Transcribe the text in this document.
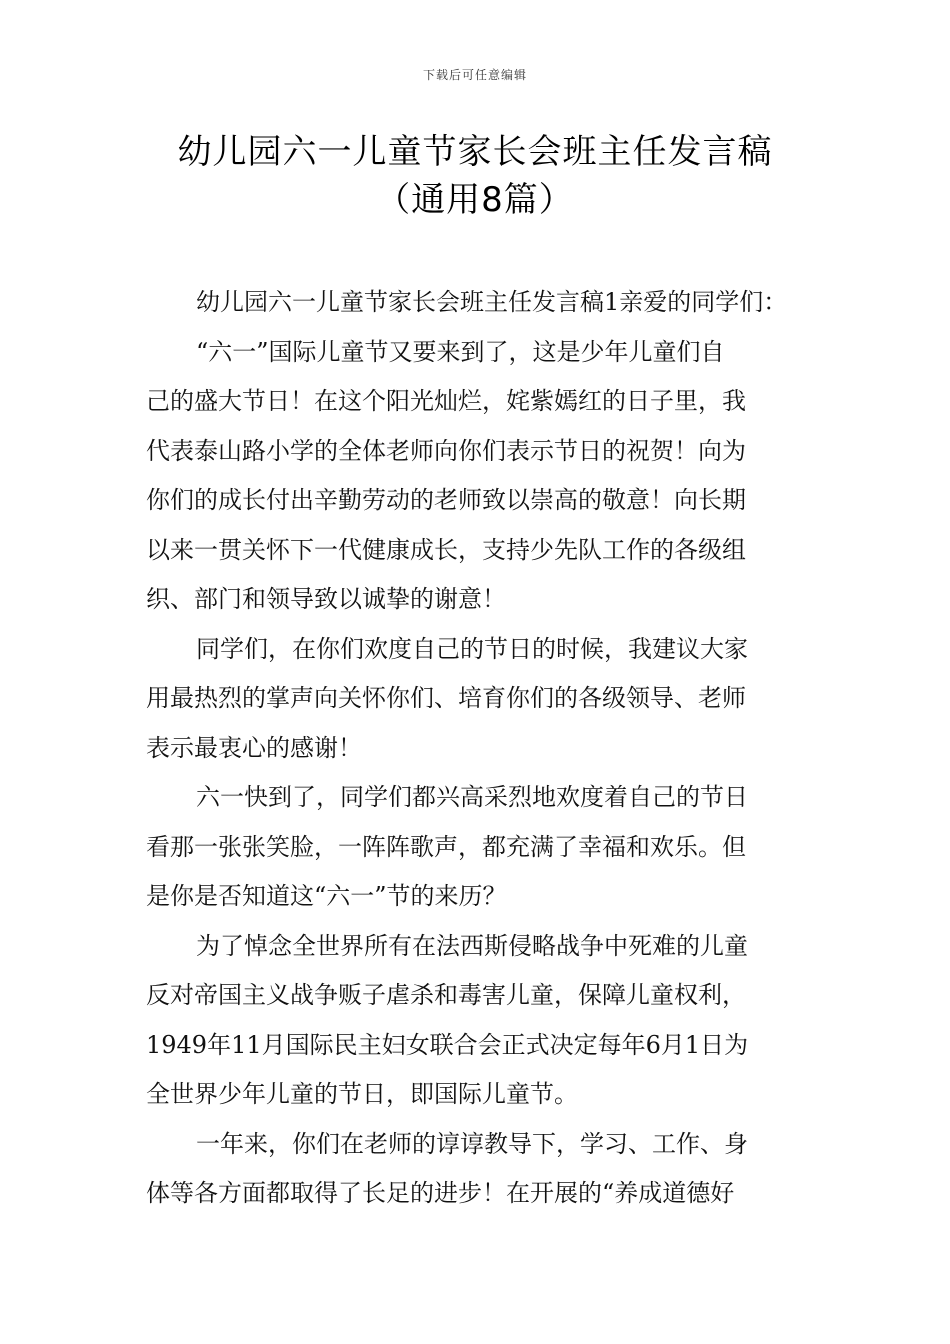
下载后可任意编辑
幼儿园六一儿童节家长会班主任发言稿
（通用8篇）

幼儿园六一儿童节家长会班主任发言稿1亲爱的同学们：

“六一”国际儿童节又要来到了，这是少年儿童们自
己的盛大节日！在这个阳光灿烂，姹紫嫣红的日子里，我
代表泰山路小学的全体老师向你们表示节日的祝贺！向为
你们的成长付出辛勤劳动的老师致以崇高的敬意！向长期
以来一贯关怀下一代健康成长，支持少先队工作的各级组
织、部门和领导致以诚挚的谢意！

同学们，在你们欢度自己的节日的时候，我建议大家
用最热烈的掌声向关怀你们、培育你们的各级领导、老师
表示最衷心的感谢！

六一快到了，同学们都兴高采烈地欢度着自己的节日
看那一张张笑脸，一阵阵歌声，都充满了幸福和欢乐。但
是你是否知道这“六一”节的来历？

为了悼念全世界所有在法西斯侵略战争中死难的儿童
反对帝国主义战争贩子虐杀和毒害儿童，保障儿童权利，
1949年11月国际民主妇女联合会正式决定每年6月1日为
全世界少年儿童的节日，即国际儿童节。

一年来，你们在老师的谆谆教导下，学习、工作、身
体等各方面都取得了长足的进步！在开展的“养成道德好
